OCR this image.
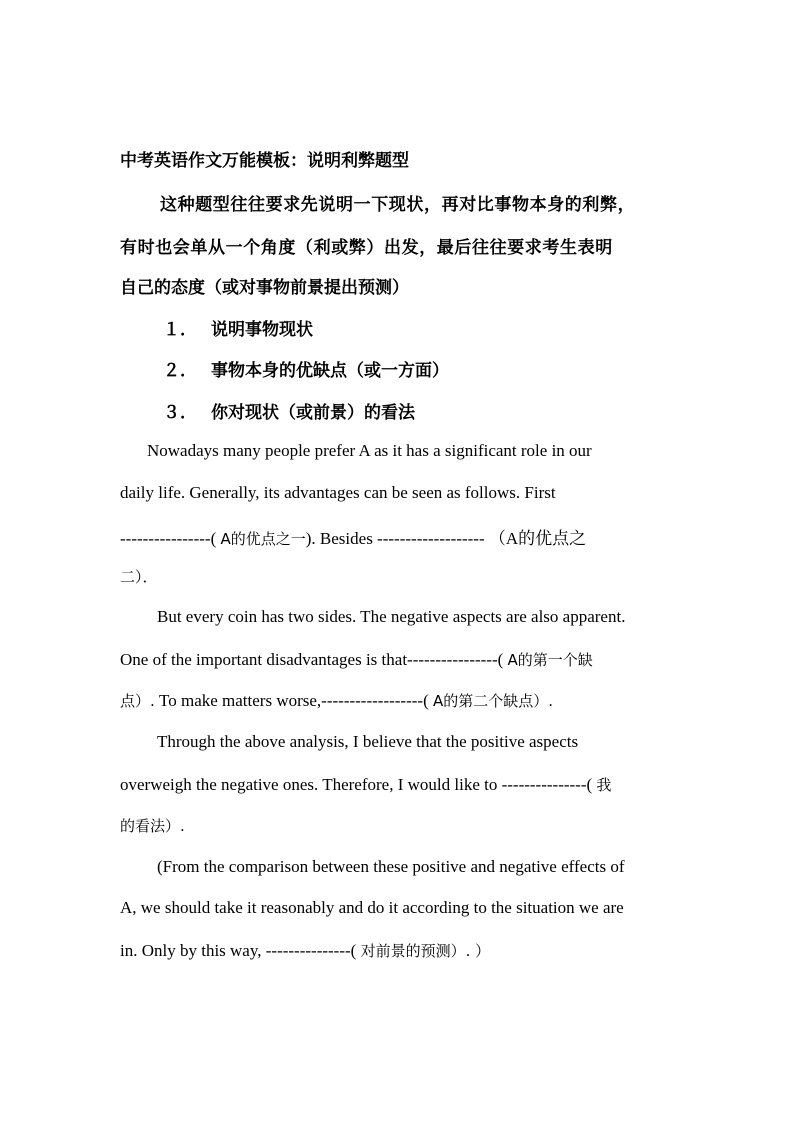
中考英语作文万能模板：说明利弊题型
这种题型往往要求先说明一下现状，再对比事物本身的利弊，
有时也会单从一个角度（利或弊）出发，最后往往要求考生表明
自己的态度（或对事物前景提出预测）
１． 说明事物现状
２． 事物本身的优缺点（或一方面）
３． 你对现状（或前景）的看法
Nowadays many people prefer A as it has a significant role in our
daily life. Generally, its advantages can be seen as follows. First
----------------( A的优点之一). Besides ------------------- （A的优点之
二）．
But every coin has two sides. The negative aspects are also apparent.
One of the important disadvantages is that----------------( A的第一个缺
点）. To make matters worse,------------------( A的第二个缺点）.
Through the above analysis, I believe that the positive aspects
overweigh the negative ones. Therefore, I would like to ---------------( 我
的看法）.
(From the comparison between these positive and negative effects of
A, we should take it reasonably and do it according to the situation we are
in. Only by this way, ---------------( 对前景的预测）. ）
